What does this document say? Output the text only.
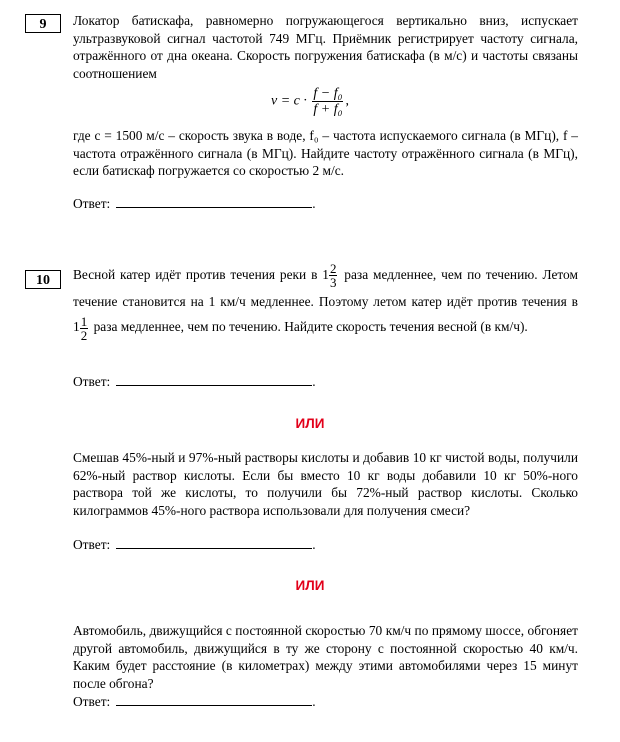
9	Локатор батискафа, равномерно погружающегося вертикально вниз, испускает ультразвуковой сигнал частотой 749 МГц. Приёмник регистрирует частоту сигнала, отражённого от дна океана. Скорость погружения батискафа (в м/с) и частоты связаны соотношением

$v = c \cdot \frac{\text{f − f₀}}{\text{f + f₀}}$ ,

где c = 1500 м/с – скорость звука в воде, f₀ – частота испускаемого сигнала (в МГц), f – частота отражённого сигнала (в МГц). Найдите частоту отражённого сигнала (в МГц), если батискаф погружается со скоростью 2 м/с.

Ответ:	.
10	Весной катер идёт против течения реки в $1 \frac{2}{3}$ раза медленнее, чем по течению. Летом течение становится на 1 км/ч медленнее. Поэтому летом катер идёт против течения в $1 \frac{1}{2}$ раза медленнее, чем по течению. Найдите скорость течения весной (в км/ч).

Ответ:	.
ИЛИ

Смешав 45%-ный и 97%-ный растворы кислоты и добавив 10 кг чистой воды, получили 62%-ный раствор кислоты. Если бы вместо 10 кг воды добавили 10 кг 50%-ного раствора той же кислоты, то получили бы 72%-ный раствор кислоты. Сколько килограммов 45%-ного раствора использовали для получения смеси?

Ответ:	.
ИЛИ

Автомобиль, движущийся с постоянной скоростью 70 км/ч по прямому шоссе, обгоняет другой автомобиль, движущийся в ту же сторону с постоянной скоростью 40 км/ч. Каким будет расстояние (в километрах) между этими автомобилями через 15 минут после обгона?

Ответ:	.
